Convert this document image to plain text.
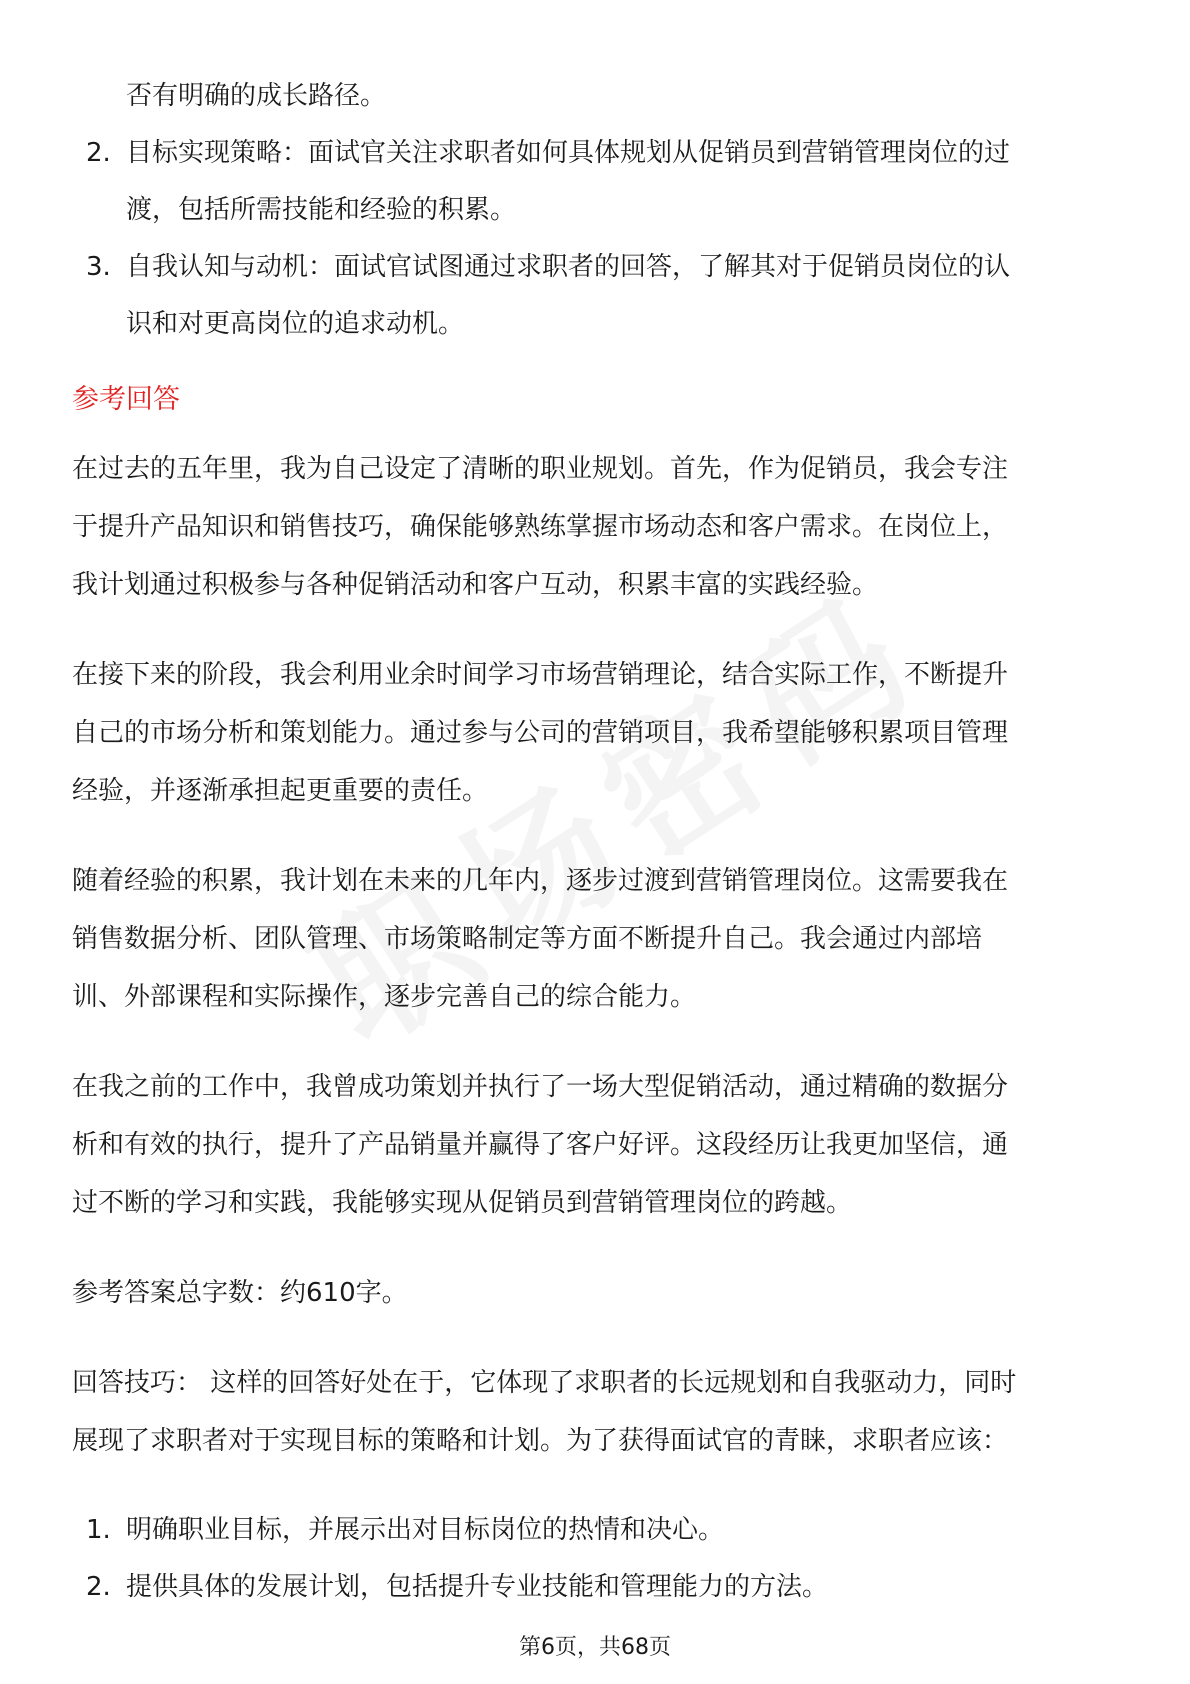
否有明确的成长路径。

2. 目标实现策略：面试官关注求职者如何具体规划从促销员到营销管理岗位的过

渡，包括所需技能和经验的积累。

3. 自我认知与动机：面试官试图通过求职者的回答，了解其对于促销员岗位的认

识和对更高岗位的追求动机。

参考回答

在过去的五年里，我为自己设定了清晰的职业规划。首先，作为促销员，我会专注

于提升产品知识和销售技巧，确保能够熟练掌握市场动态和客户需求。在岗位上，

我计划通过积极参与各种促销活动和客户互动，积累丰富的实践经验。

在接下来的阶段，我会利用业余时间学习市场营销理论，结合实际工作，不断提升

自己的市场分析和策划能力。通过参与公司的营销项目，我希望能够积累项目管理

经验，并逐渐承担起更重要的责任。

随着经验的积累，我计划在未来的几年内，逐步过渡到营销管理岗位。这需要我在

销售数据分析、团队管理、市场策略制定等方面不断提升自己。我会通过内部培

训、外部课程和实际操作，逐步完善自己的综合能力。

在我之前的工作中，我曾成功策划并执行了一场大型促销活动，通过精确的数据分

析和有效的执行，提升了产品销量并赢得了客户好评。这段经历让我更加坚信，通

过不断的学习和实践，我能够实现从促销员到营销管理岗位的跨越。

参考答案总字数：约610字。

回答技巧： 这样的回答好处在于，它体现了求职者的长远规划和自我驱动力，同时

展现了求职者对于实现目标的策略和计划。为了获得面试官的青睐，求职者应该：

1. 明确职业目标，并展示出对目标岗位的热情和决心。

2. 提供具体的发展计划，包括提升专业技能和管理能力的方法。

第6页，共68页
